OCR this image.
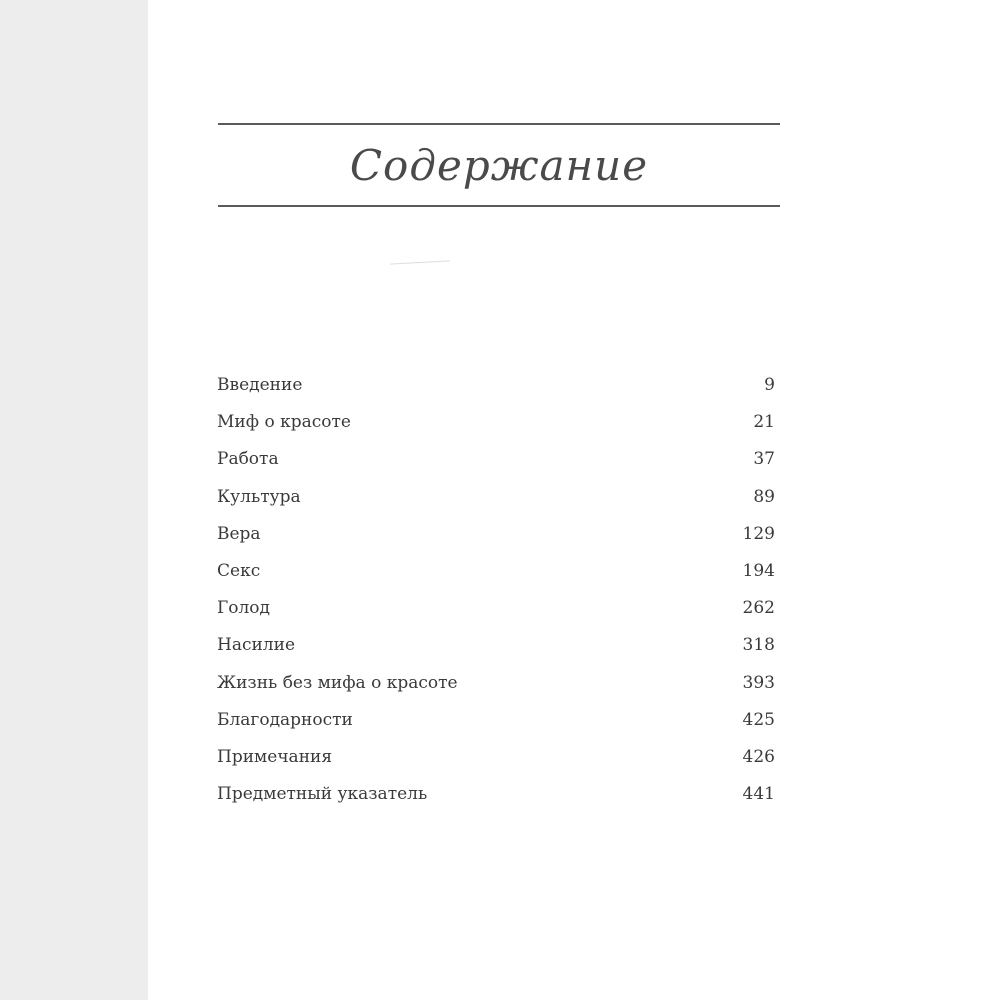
Содержание
Введение	9
Миф о красоте	21
Работа	37
Культура	89
Вера	129
Секс	194
Голод	262
Насилие	318
Жизнь без мифа о красоте	393
Благодарности	425
Примечания	426
Предметный указатель	441
